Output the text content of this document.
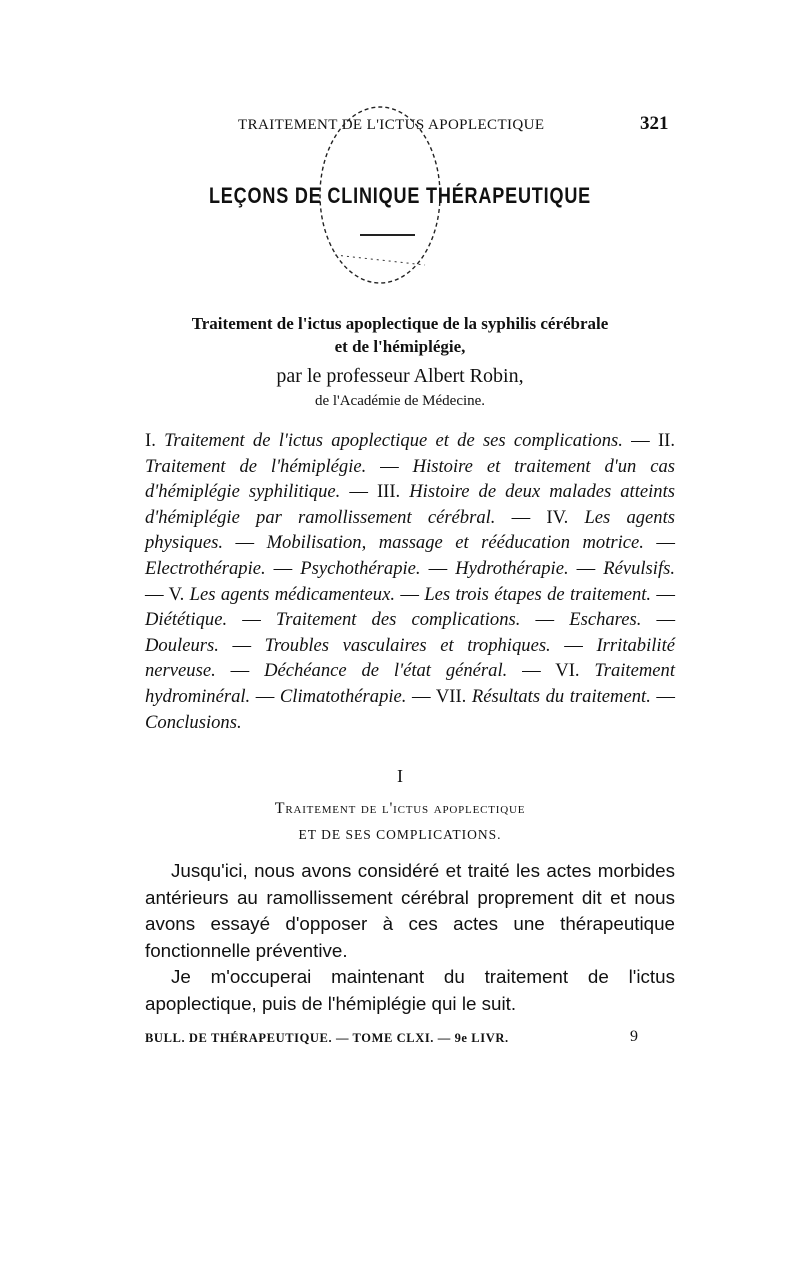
TRAITEMENT DE L'ICTUS APOPLECTIQUE	321
LEÇONS DE CLINIQUE THÉRAPEUTIQUE
Traitement de l'ictus apoplectique de la syphilis cérébrale
et de l'hémiplégie,
par le professeur Albert Robin,
de l'Académie de Médecine.
I. Traitement de l'ictus apoplectique et de ses complications. — II. Traitement de l'hémiplégie. — Histoire et traitement d'un cas d'hémiplégie syphilitique. — III. Histoire de deux malades atteints d'hémiplégie par ramollissement cérébral. — IV. Les agents physiques. — Mobilisation, massage et rééducation motrice. — Electrothérapie. — Psychothérapie. — Hydrothérapie. — Révulsifs. — V. Les agents médicamenteux. — Les trois étapes de traitement. — Diététique. — Traitement des complications. — Eschares. — Douleurs. — Troubles vasculaires et trophiques. — Irritabilité nerveuse. — Déchéance de l'état général. — VI. Traitement hydrominéral. — Climatothérapie. — VII. Résultats du traitement. — Conclusions.
I
Traitement de l'ictus apoplectique
ET DE SES COMPLICATIONS.

Jusqu'ici, nous avons considéré et traité les actes morbides antérieurs au ramollissement cérébral proprement dit et nous avons essayé d'opposer à ces actes une thérapeutique fonctionnelle préventive.

Je m'occuperai maintenant du traitement de l'ictus apoplectique, puis de l'hémiplégie qui le suit.

BULL. DE THÉRAPEUTIQUE. — TOME CLXI. — 9e LIVR.	9
